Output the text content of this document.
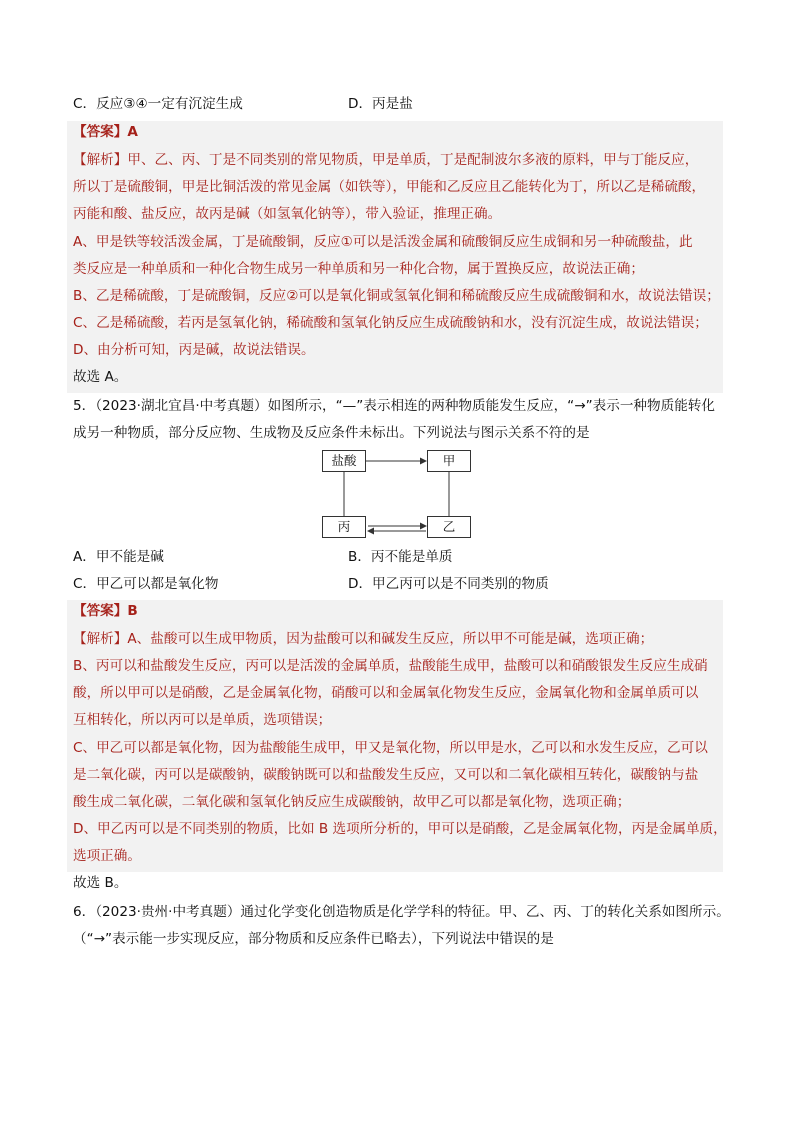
C．反应③④一定有沉淀生成	D．丙是盐
【答案】A
【解析】甲、乙、丙、丁是不同类别的常见物质，甲是单质，丁是配制波尔多液的原料，甲与丁能反应，
所以丁是硫酸铜，甲是比铜活泼的常见金属（如铁等），甲能和乙反应且乙能转化为丁，所以乙是稀硫酸，
丙能和酸、盐反应，故丙是碱（如氢氧化钠等），带入验证，推理正确。
A、甲是铁等较活泼金属，丁是硫酸铜，反应①可以是活泼金属和硫酸铜反应生成铜和另一种硫酸盐，此
类反应是一种单质和一种化合物生成另一种单质和另一种化合物，属于置换反应，故说法正确；
B、乙是稀硫酸，丁是硫酸铜，反应②可以是氧化铜或氢氧化铜和稀硫酸反应生成硫酸铜和水，故说法错误；
C、乙是稀硫酸，若丙是氢氧化钠，稀硫酸和氢氧化钠反应生成硫酸钠和水，没有沉淀生成，故说法错误；
D、由分析可知，丙是碱，故说法错误。
故选 A。
5．（2023·湖北宜昌·中考真题）如图所示，“—”表示相连的两种物质能发生反应，“→”表示一种物质能转化
成另一种物质，部分反应物、生成物及反应条件未标出。下列说法与图示关系不符的是
盐酸	甲
丙	乙
A．甲不能是碱	B．丙不能是单质
C．甲乙可以都是氧化物	D．甲乙丙可以是不同类别的物质
【答案】B
【解析】A、盐酸可以生成甲物质，因为盐酸可以和碱发生反应，所以甲不可能是碱，选项正确；
B、丙可以和盐酸发生反应，丙可以是活泼的金属单质，盐酸能生成甲，盐酸可以和硝酸银发生反应生成硝
酸，所以甲可以是硝酸，乙是金属氧化物，硝酸可以和金属氧化物发生反应，金属氧化物和金属单质可以
互相转化，所以丙可以是单质，选项错误；
C、甲乙可以都是氧化物，因为盐酸能生成甲，甲又是氧化物，所以甲是水，乙可以和水发生反应，乙可以
是二氧化碳，丙可以是碳酸钠，碳酸钠既可以和盐酸发生反应，又可以和二氧化碳相互转化，碳酸钠与盐
酸生成二氧化碳，二氧化碳和氢氧化钠反应生成碳酸钠，故甲乙可以都是氧化物，选项正确；
D、甲乙丙可以是不同类别的物质，比如 B 选项所分析的，甲可以是硝酸，乙是金属氧化物，丙是金属单质，
选项正确。
故选 B。
6．（2023·贵州·中考真题）通过化学变化创造物质是化学学科的特征。甲、乙、丙、丁的转化关系如图所示。
（“→”表示能一步实现反应，部分物质和反应条件已略去），下列说法中错误的是
